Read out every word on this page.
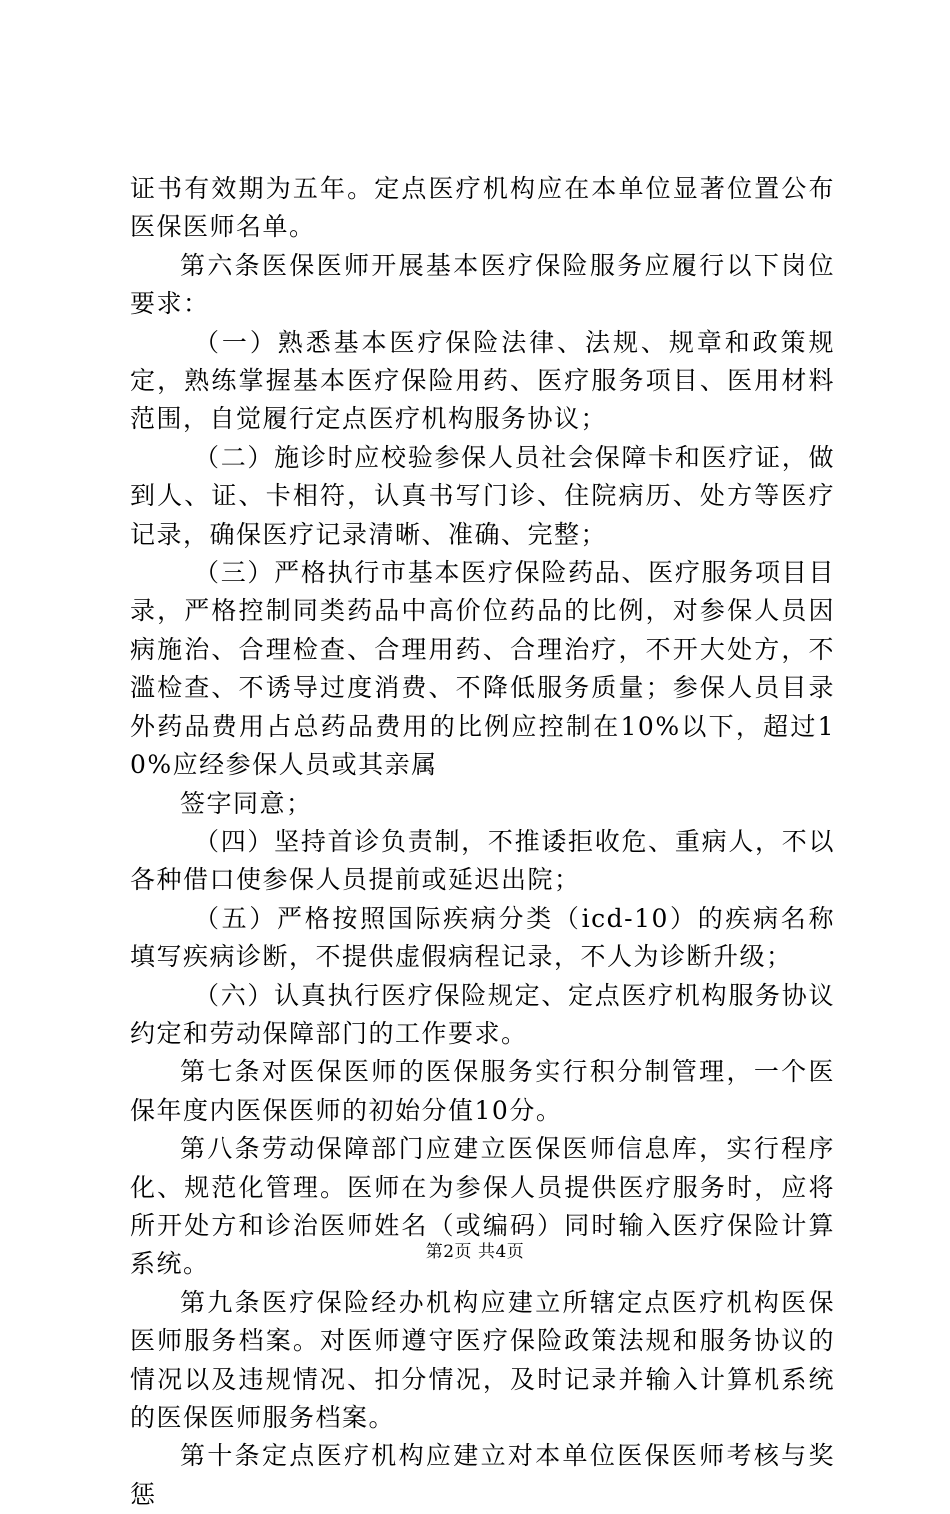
证书有效期为五年。定点医疗机构应在本单位显著位置公布医保医师名单。

第六条医保医师开展基本医疗保险服务应履行以下岗位要求：

（一）熟悉基本医疗保险法律、法规、规章和政策规定，熟练掌握基本医疗保险用药、医疗服务项目、医用材料范围，自觉履行定点医疗机构服务协议；

（二）施诊时应校验参保人员社会保障卡和医疗证，做到人、证、卡相符，认真书写门诊、住院病历、处方等医疗记录，确保医疗记录清晰、准确、完整；

（三）严格执行市基本医疗保险药品、医疗服务项目目录，严格控制同类药品中高价位药品的比例，对参保人员因病施治、合理检查、合理用药、合理治疗，不开大处方，不滥检查、不诱导过度消费、不降低服务质量；参保人员目录外药品费用占总药品费用的比例应控制在10%以下，超过10%应经参保人员或其亲属

签字同意；

（四）坚持首诊负责制，不推诿拒收危、重病人，不以各种借口使参保人员提前或延迟出院；

（五）严格按照国际疾病分类（icd-10）的疾病名称填写疾病诊断，不提供虚假病程记录，不人为诊断升级；

（六）认真执行医疗保险规定、定点医疗机构服务协议约定和劳动保障部门的工作要求。

第七条对医保医师的医保服务实行积分制管理，一个医保年度内医保医师的初始分值10分。

第八条劳动保障部门应建立医保医师信息库，实行程序化、规范化管理。医师在为参保人员提供医疗服务时，应将所开处方和诊治医师姓名（或编码）同时输入医疗保险计算系统。

第九条医疗保险经办机构应建立所辖定点医疗机构医保医师服务档案。对医师遵守医疗保险政策法规和服务协议的情况以及违规情况、扣分情况，及时记录并输入计算机系统的医保医师服务档案。

第十条定点医疗机构应建立对本单位医保医师考核与奖惩

第2页 共4页
